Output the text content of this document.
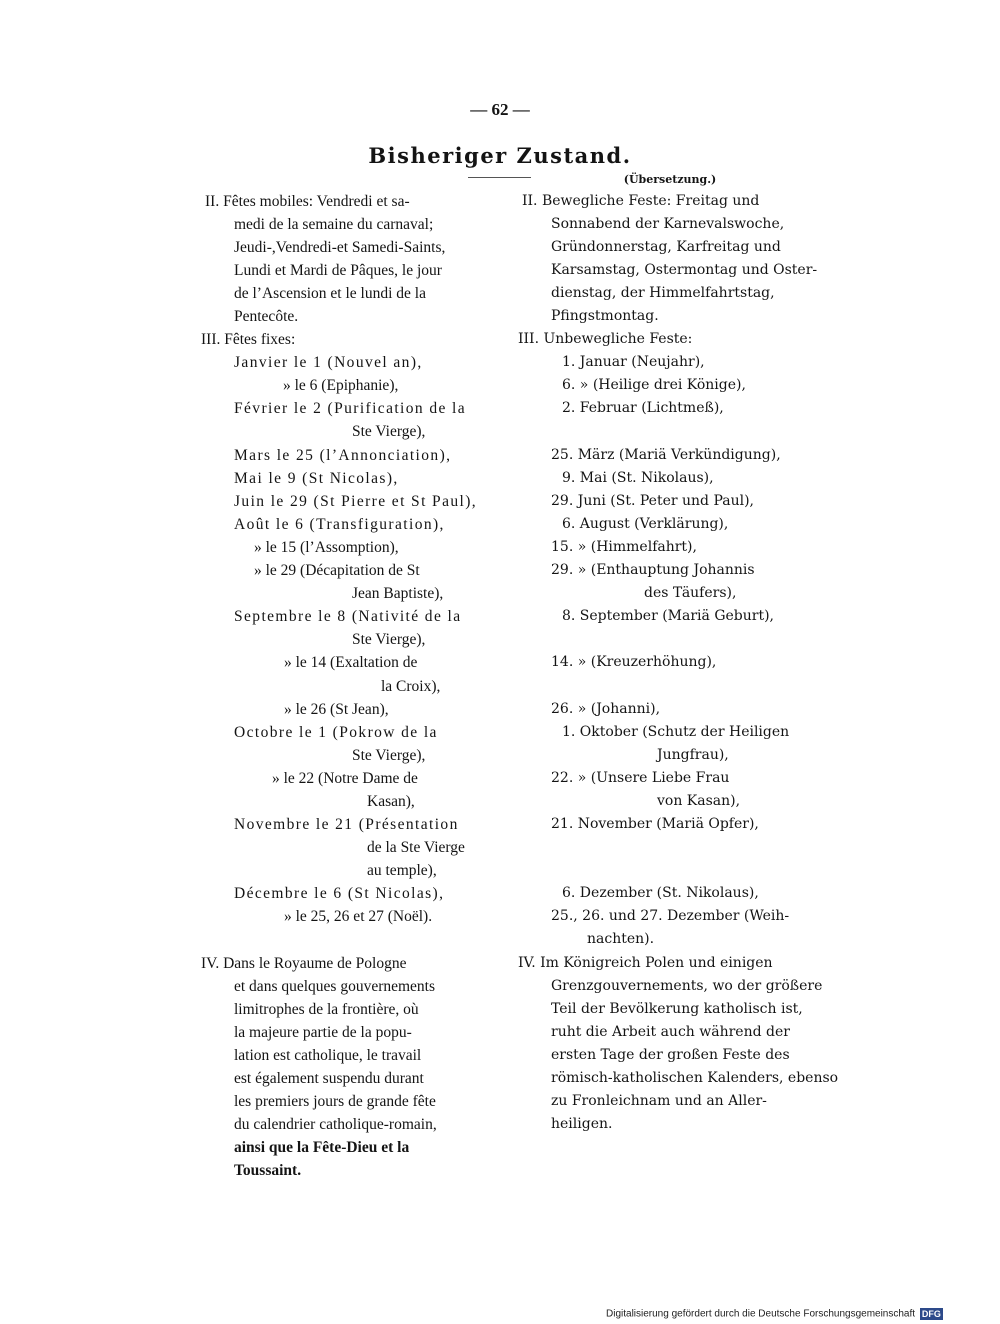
— 62 —
Bisheriger Zustand.
(Übersetzung.)
II. Fêtes mobiles: Vendredi et sa-
medi de la semaine du carnaval;
Jeudi-,Vendredi-et Samedi-Saints,
Lundi et Mardi de Pâques, le jour
de l’Ascension et le lundi de la
Pentecôte.
III. Fêtes fixes:
Janvier le 1 (Nouvel an),
» le 6 (Epiphanie),
Février le 2 (Purification de la
Ste Vierge),
Mars le 25 (l’Annonciation),
Mai le 9 (St Nicolas),
Juin le 29 (St Pierre et St Paul),
Août le 6 (Transfiguration),
» le 15 (l’Assomption),
» le 29 (Décapitation de St
Jean Baptiste),
Septembre le 8 (Nativité de la
Ste Vierge),
» le 14 (Exaltation de
la Croix),
» le 26 (St Jean),
Octobre le 1 (Pokrow de la
Ste Vierge),
» le 22 (Notre Dame de
Kasan),
Novembre le 21 (Présentation
de la Ste Vierge
au temple),
Décembre le 6 (St Nicolas),
» le 25, 26 et 27 (Noël).
IV. Dans le Royaume de Pologne
et dans quelques gouvernements
limitrophes de la frontière, où
la majeure partie de la popu-
lation est catholique, le travail
est également suspendu durant
les premiers jours de grande fête
du calendrier catholique-romain,
ainsi que la Fête-Dieu et la
Toussaint.
II. Bewegliche Feste: Freitag und
Sonnabend der Karnevalswoche,
Gründonnerstag, Karfreitag und
Karsamstag, Ostermontag und Oster-
dienstag, der Himmelfahrtstag,
Pfingstmontag.
III. Unbewegliche Feste:
1. Januar (Neujahr),
6. » (Heilige drei Könige),
2. Februar (Lichtmeß),
25. März (Mariä Verkündigung),
9. Mai (St. Nikolaus),
29. Juni (St. Peter und Paul),
6. August (Verklärung),
15. » (Himmelfahrt),
29. » (Enthauptung Johannis
des Täufers),
8. September (Mariä Geburt),
14. » (Kreuzerhöhung),
26. » (Johanni),
1. Oktober (Schutz der Heiligen
Jungfrau),
22. » (Unsere Liebe Frau
von Kasan),
21. November (Mariä Opfer),
6. Dezember (St. Nikolaus),
25., 26. und 27. Dezember (Weih-
nachten).
IV. Im Königreich Polen und einigen
Grenzgouvernements, wo der größere
Teil der Bevölkerung katholisch ist,
ruht die Arbeit auch während der
ersten Tage der großen Feste des
römisch-katholischen Kalenders, ebenso
zu Fronleichnam und an Aller-
heiligen.
Digitalisierung gefördert durch die Deutsche Forschungsgemeinschaft DFG
